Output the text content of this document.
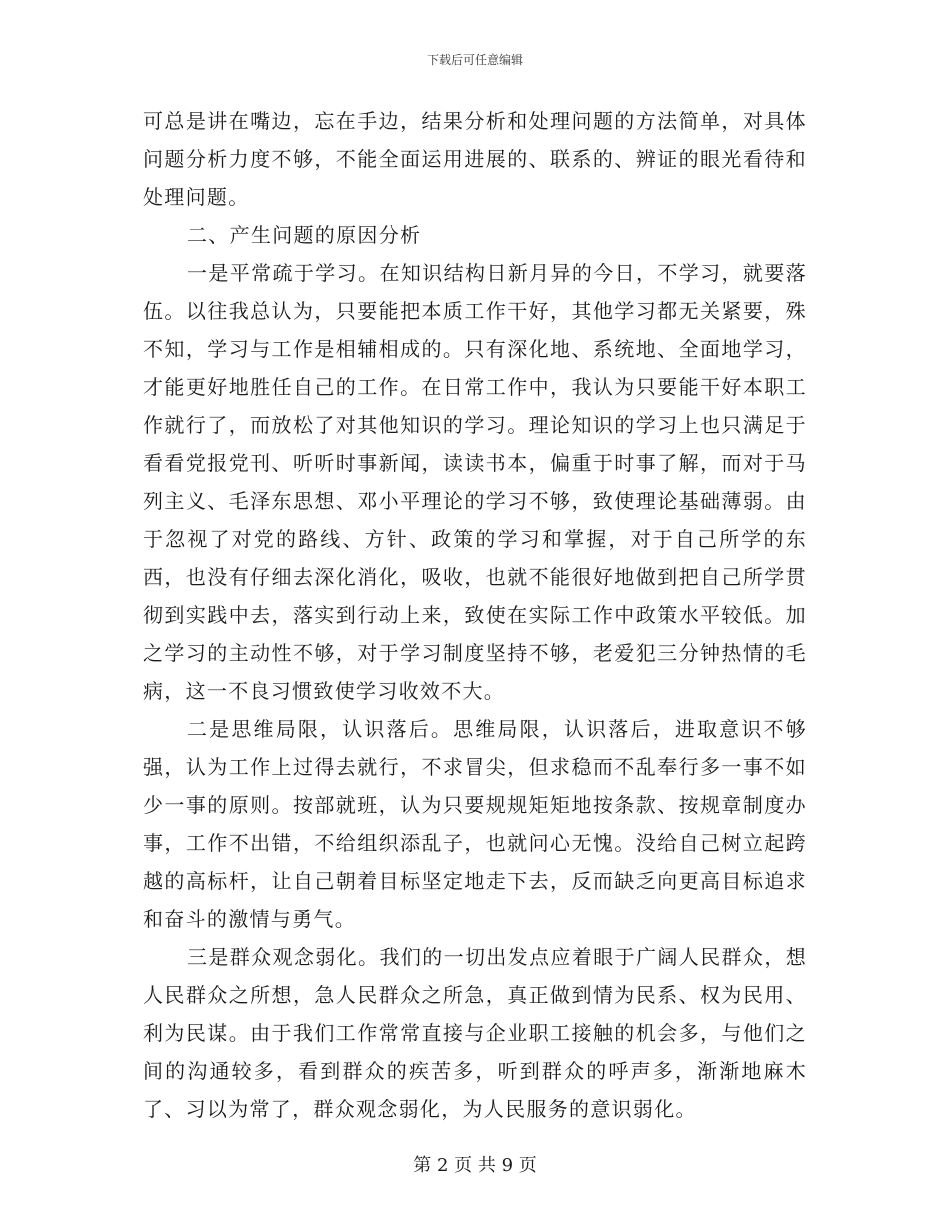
下载后可任意编辑

可总是讲在嘴边，忘在手边，结果分析和处理问题的方法简单，对具体问题分析力度不够，不能全面运用进展的、联系的、辨证的眼光看待和处理问题。

二、产生问题的原因分析

一是平常疏于学习。在知识结构日新月异的今日，不学习，就要落伍。以往我总认为，只要能把本质工作干好，其他学习都无关紧要，殊不知，学习与工作是相辅相成的。只有深化地、系统地、全面地学习，才能更好地胜任自己的工作。在日常工作中，我认为只要能干好本职工作就行了，而放松了对其他知识的学习。理论知识的学习上也只满足于看看党报党刊、听听时事新闻，读读书本，偏重于时事了解，而对于马列主义、毛泽东思想、邓小平理论的学习不够，致使理论基础薄弱。由于忽视了对党的路线、方针、政策的学习和掌握，对于自己所学的东西，也没有仔细去深化消化，吸收，也就不能很好地做到把自己所学贯彻到实践中去，落实到行动上来，致使在实际工作中政策水平较低。加之学习的主动性不够，对于学习制度坚持不够，老爱犯三分钟热情的毛病，这一不良习惯致使学习收效不大。

二是思维局限，认识落后。思维局限，认识落后，进取意识不够强，认为工作上过得去就行，不求冒尖，但求稳而不乱奉行多一事不如少一事的原则。按部就班，认为只要规规矩矩地按条款、按规章制度办事，工作不出错，不给组织添乱子，也就问心无愧。没给自己树立起跨越的高标杆，让自己朝着目标坚定地走下去，反而缺乏向更高目标追求和奋斗的激情与勇气。

三是群众观念弱化。我们的一切出发点应着眼于广阔人民群众，想人民群众之所想，急人民群众之所急，真正做到情为民系、权为民用、利为民谋。由于我们工作常常直接与企业职工接触的机会多，与他们之间的沟通较多，看到群众的疾苦多，听到群众的呼声多，渐渐地麻木了、习以为常了，群众观念弱化，为人民服务的意识弱化。

第 2 页 共 9 页
